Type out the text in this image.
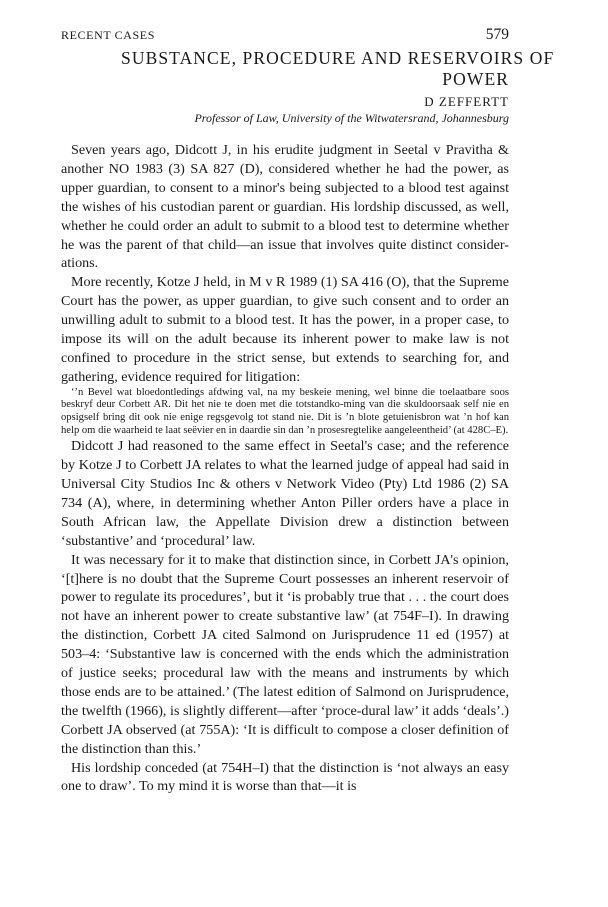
RECENT CASES	579
SUBSTANCE, PROCEDURE AND RESERVOIRS OF
POWER
D ZEFFERTT
Professor of Law, University of the Witwatersrand, Johannesburg

Seven years ago, Didcott J, in his erudite judgment in Seetal v Pravitha & another NO 1983 (3) SA 827 (D), considered whether he had the power, as upper guardian, to consent to a minor's being subjected to a blood test against the wishes of his custodian parent or guardian. His lordship discussed, as well, whether he could order an adult to submit to a blood test to determine whether he was the parent of that child—an issue that involves quite distinct consider-ations.

More recently, Kotze J held, in M v R 1989 (1) SA 416 (O), that the Supreme Court has the power, as upper guardian, to give such consent and to order an unwilling adult to submit to a blood test. It has the power, in a proper case, to impose its will on the adult because its inherent power to make law is not confined to procedure in the strict sense, but extends to searching for, and gathering, evidence required for litigation:

‘’n Bevel wat bloedontledings afdwing val, na my beskeie mening, wel binne die toelaatbare soos beskryf deur Corbett AR. Dit het nie te doen met die totstandko-ming van die skuldoorsaak self nie en opsigself bring dit ook nie enige regsgevolg tot stand nie. Dit is ’n blote getuienisbron wat ’n hof kan help om die waarheid te laat seëvier en in daardie sin dan ’n prosesregtelike aangeleentheid’ (at 428C–E).

Didcott J had reasoned to the same effect in Seetal's case; and the reference by Kotze J to Corbett JA relates to what the learned judge of appeal had said in Universal City Studios Inc & others v Network Video (Pty) Ltd 1986 (2) SA 734 (A), where, in determining whether Anton Piller orders have a place in South African law, the Appellate Division drew a distinction between ‘substantive’ and ‘procedural’ law.

It was necessary for it to make that distinction since, in Corbett JA's opinion, ‘[t]here is no doubt that the Supreme Court possesses an inherent reservoir of power to regulate its procedures’, but it ‘is probably true that . . . the court does not have an inherent power to create substantive law’ (at 754F–I). In drawing the distinction, Corbett JA cited Salmond on Jurisprudence 11 ed (1957) at 503–4: ‘Substantive law is concerned with the ends which the administration of justice seeks; procedural law with the means and instruments by which those ends are to be attained.’ (The latest edition of Salmond on Jurisprudence, the twelfth (1966), is slightly different—after ‘proce-dural law’ it adds ‘deals’.) Corbett JA observed (at 755A): ‘It is difficult to compose a closer definition of the distinction than this.’

His lordship conceded (at 754H–I) that the distinction is ‘not always an easy one to draw’. To my mind it is worse than that—it is
